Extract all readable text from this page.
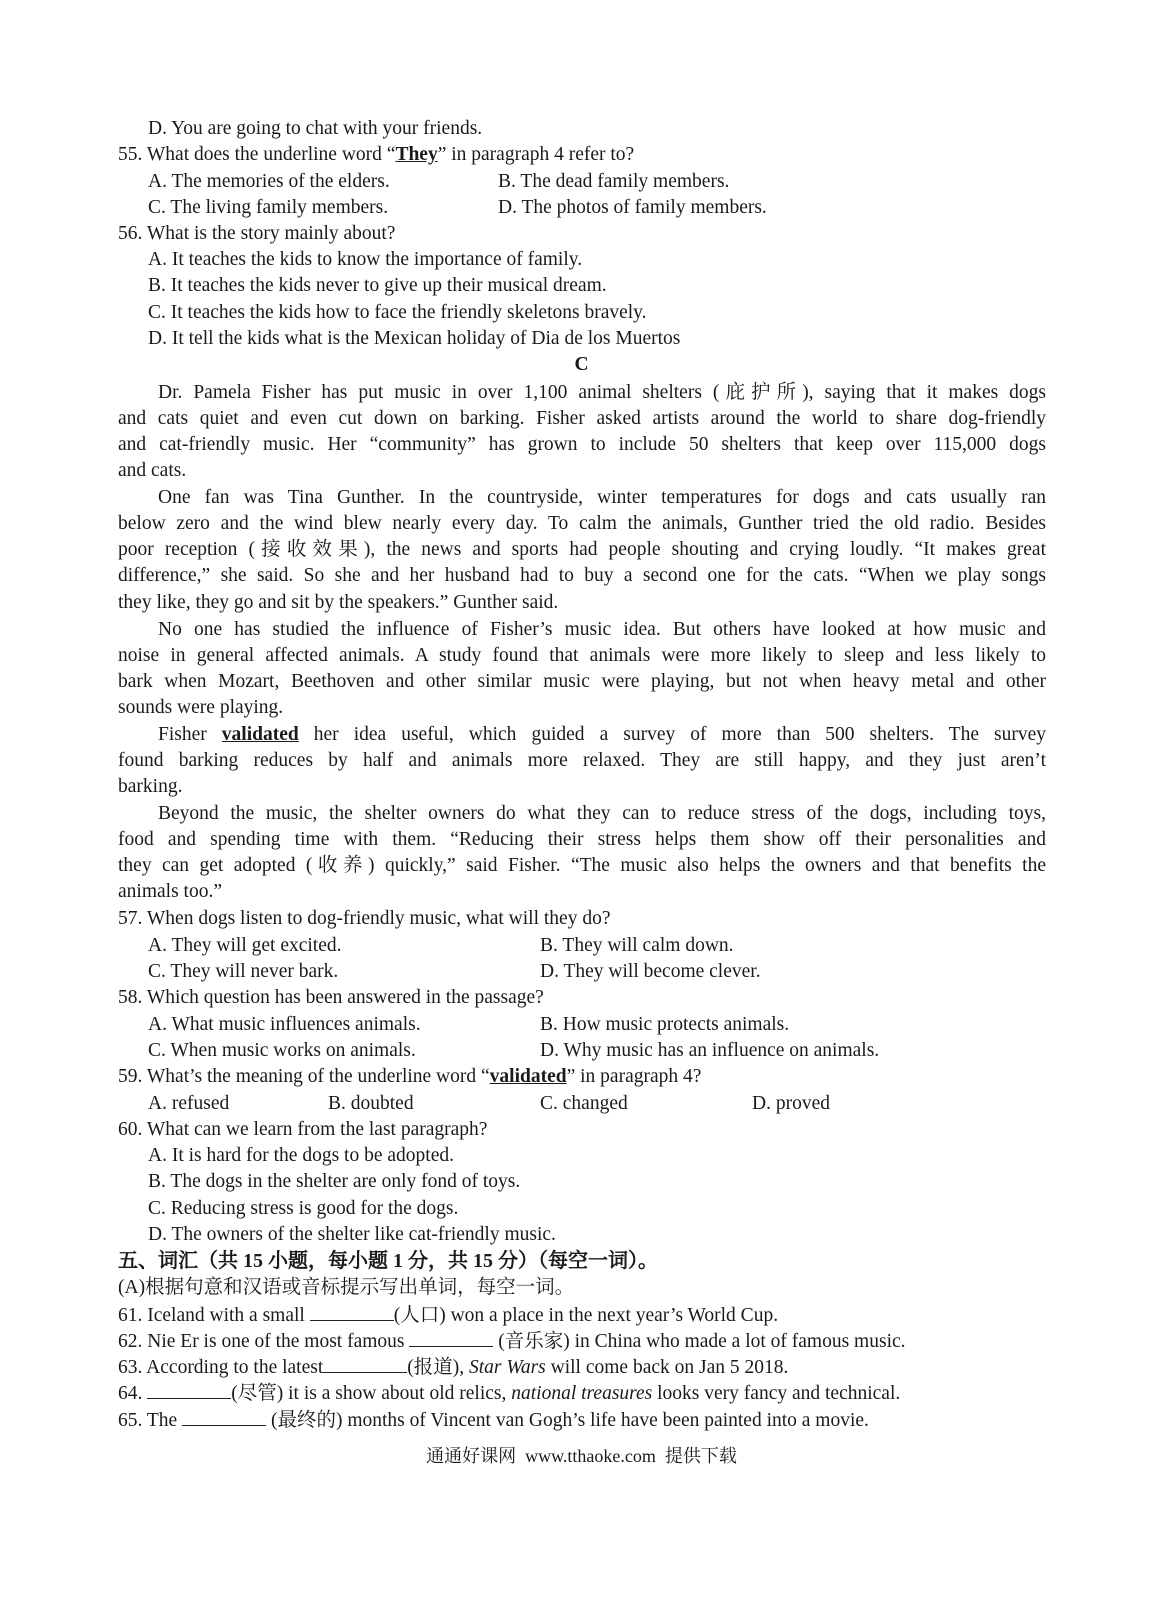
D. You are going to chat with your friends.
55. What does the underline word “They” in paragraph 4 refer to?
A. The memories of the elders.	B. The dead family members.
C. The living family members.	D. The photos of family members.
56. What is the story mainly about?
A. It teaches the kids to know the importance of family.
B. It teaches the kids never to give up their musical dream.
C. It teaches the kids how to face the friendly skeletons bravely.
D. It tell the kids what is the Mexican holiday of Dia de los Muertos
C
Dr. Pamela Fisher has put music in over 1,100 animal shelters (庇护所), saying that it makes dogs
and cats quiet and even cut down on barking. Fisher asked artists around the world to share dog-friendly
and cat-friendly music. Her “community” has grown to include 50 shelters that keep over 115,000 dogs
and cats.
One fan was Tina Gunther. In the countryside, winter temperatures for dogs and cats usually ran
below zero and the wind blew nearly every day. To calm the animals, Gunther tried the old radio. Besides
poor reception (接收效果), the news and sports had people shouting and crying loudly. “It makes great
difference,” she said. So she and her husband had to buy a second one for the cats. “When we play songs
they like, they go and sit by the speakers.” Gunther said.
No one has studied the influence of Fisher’s music idea. But others have looked at how music and
noise in general affected animals. A study found that animals were more likely to sleep and less likely to
bark when Mozart, Beethoven and other similar music were playing, but not when heavy metal and other
sounds were playing.
Fisher validated her idea useful, which guided a survey of more than 500 shelters. The survey
found barking reduces by half and animals more relaxed. They are still happy, and they just aren’t
barking.
Beyond the music, the shelter owners do what they can to reduce stress of the dogs, including toys,
food and spending time with them. “Reducing their stress helps them show off their personalities and
they can get adopted (收养) quickly,” said Fisher. “The music also helps the owners and that benefits the
animals too.”
57. When dogs listen to dog-friendly music, what will they do?
A. They will get excited.	B. They will calm down.
C. They will never bark.	D. They will become clever.
58. Which question has been answered in the passage?
A. What music influences animals.	B. How music protects animals.
C. When music works on animals.	D. Why music has an influence on animals.
59. What’s the meaning of the underline word “validated” in paragraph 4?
A. refused	B. doubted	C. changed	D. proved
60. What can we learn from the last paragraph?
A. It is hard for the dogs to be adopted.
B. The dogs in the shelter are only fond of toys.
C. Reducing stress is good for the dogs.
D. The owners of the shelter like cat-friendly music.
五、词汇（共 15 小题，每小题 1 分，共 15 分）（每空一词）。
(A)根据句意和汉语或音标提示写出单词，每空一词。
61. Iceland with a small	(人口) won a place in the next year’s World Cup.
62. Nie Er is one of the most famous	(音乐家) in China who made a lot of famous music.
63. According to the latest	(报道), Star Wars will come back on Jan 5 2018.
64.	(尽管) it is a show about old relics, national treasures looks very fancy and technical.
65. The	(最终的) months of Vincent van Gogh’s life have been painted into a movie.
通通好课网  www.tthaoke.com  提供下载
